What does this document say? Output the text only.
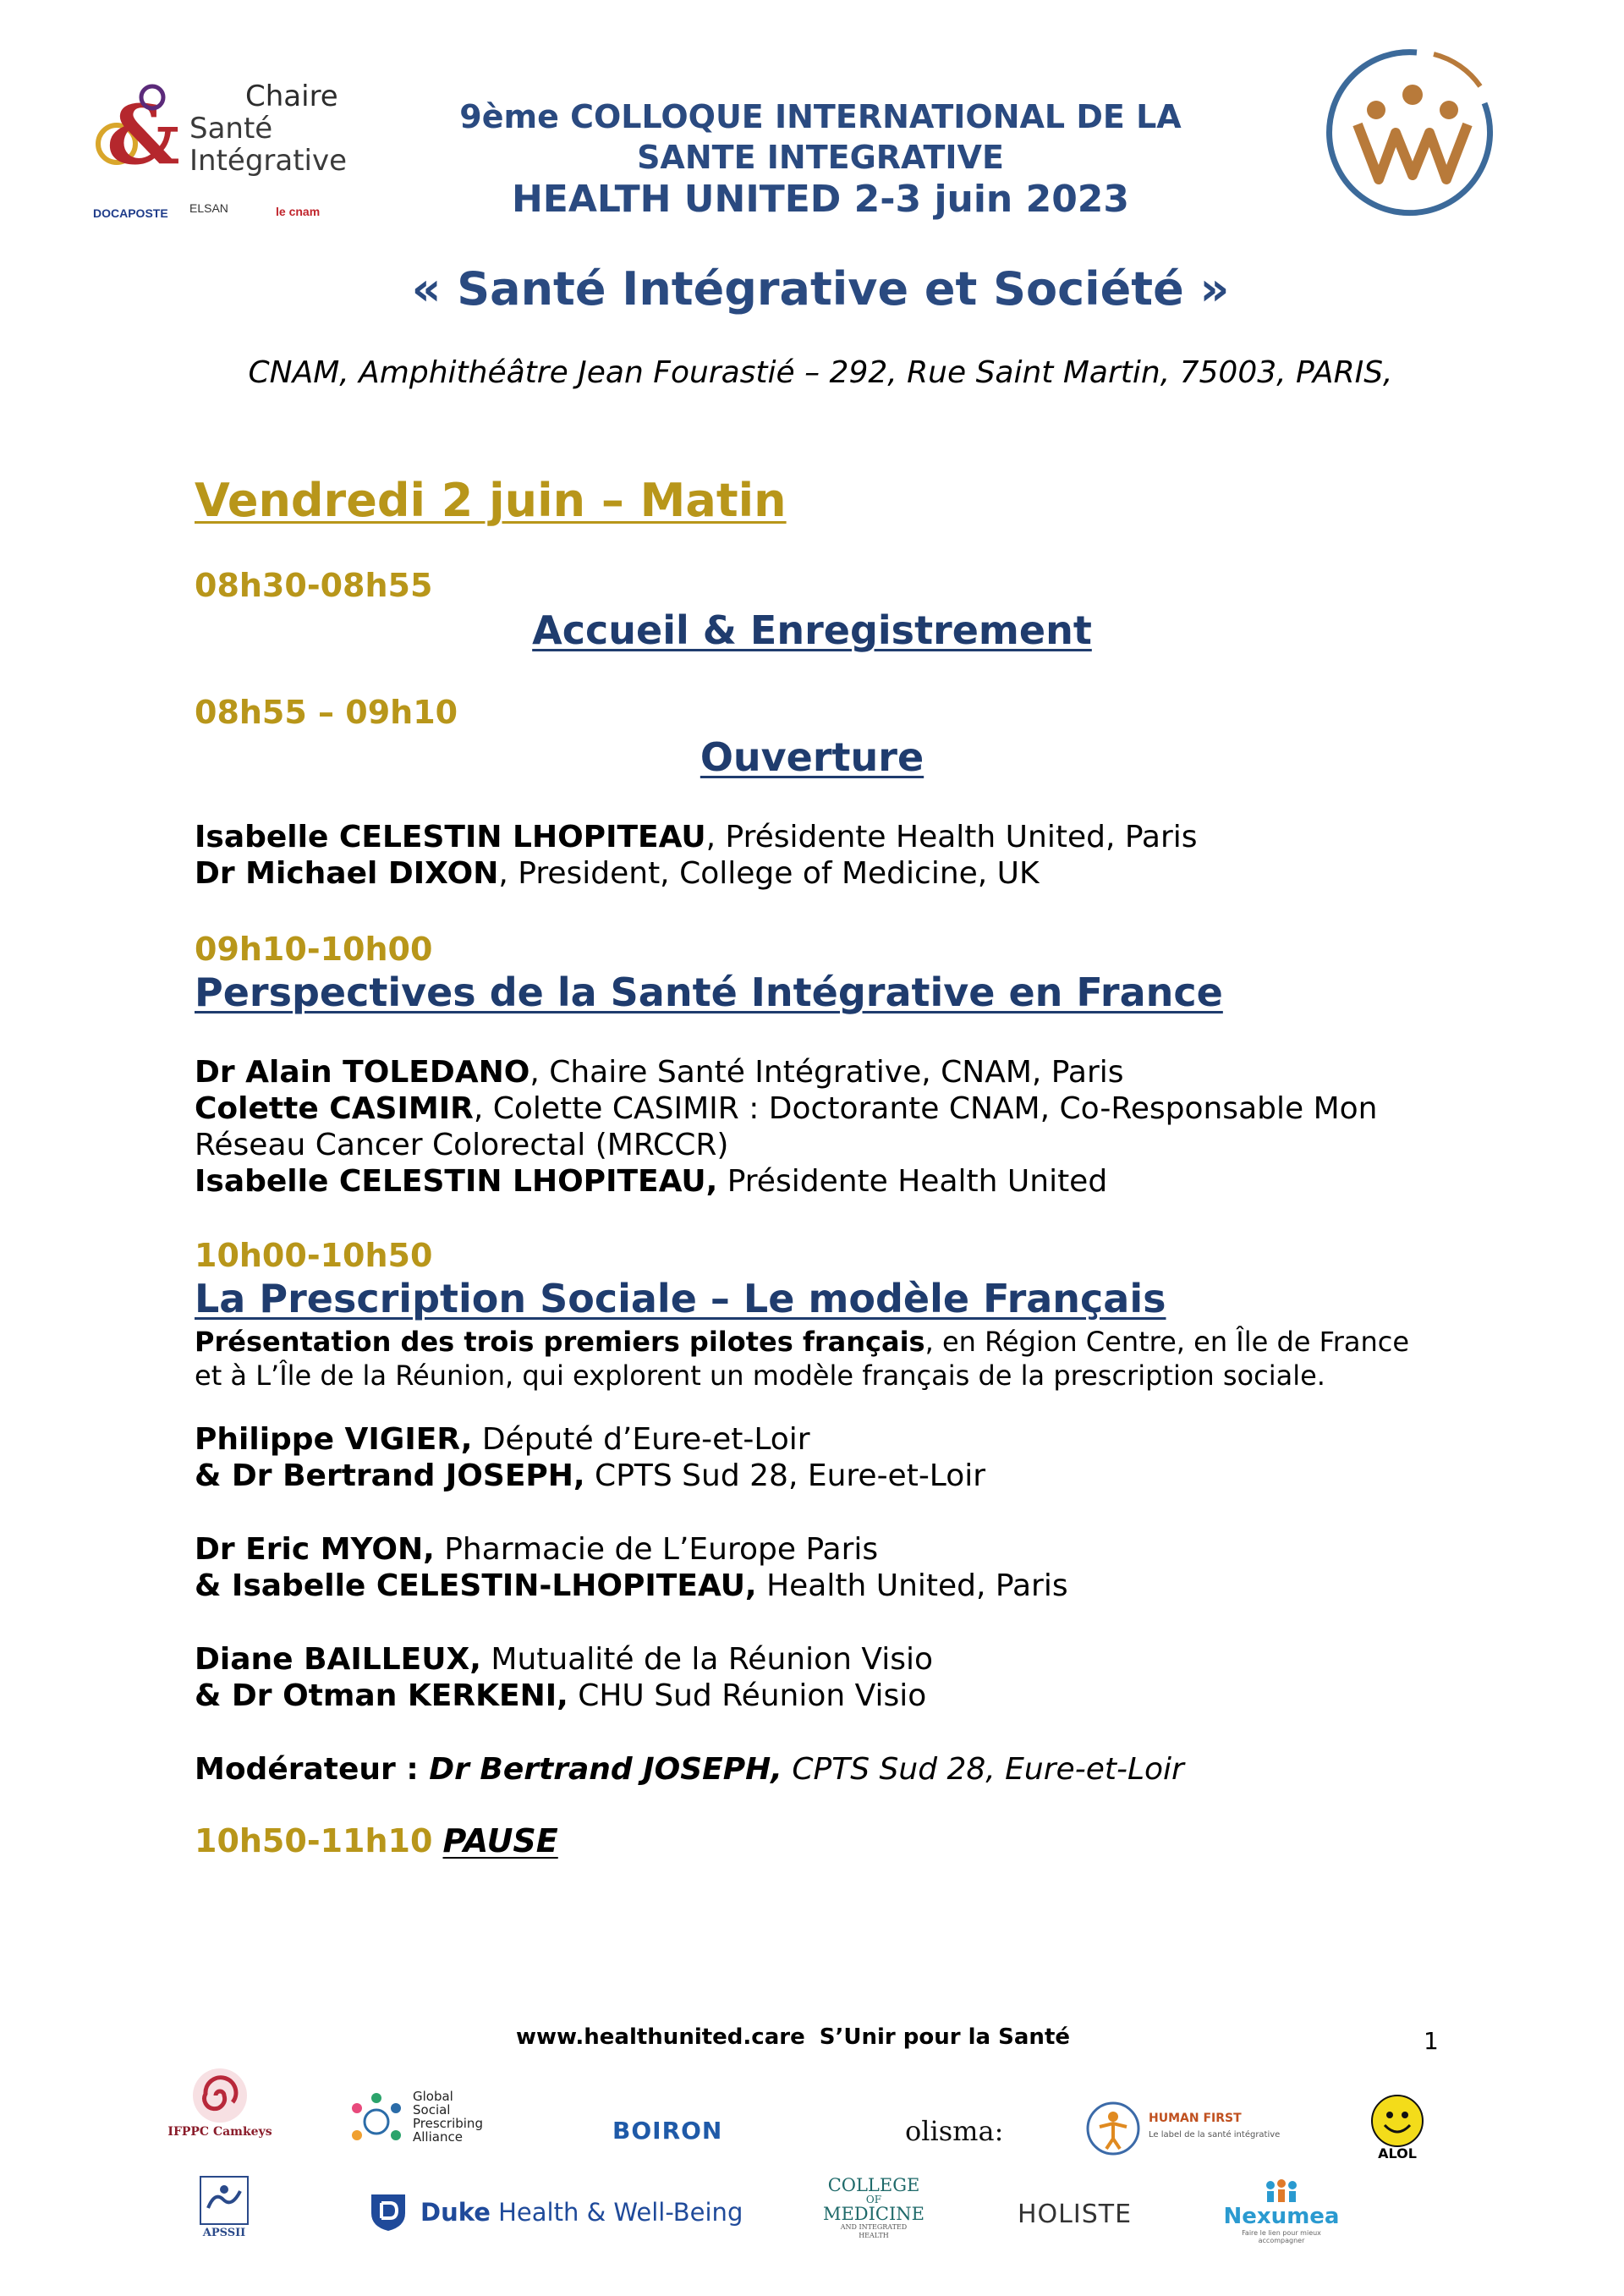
&	Chaire
Santé
Intégrative
DOCAPOSTE ELSAN	le cnam
9ème COLLOQUE INTERNATIONAL DE LA
SANTE INTEGRATIVE
HEALTH UNITED 2-3 juin 2023
« Santé Intégrative et Société »
CNAM, Amphithéâtre Jean Fourastié – 292, Rue Saint Martin, 75003, PARIS,
Vendredi 2 juin – Matin
08h30-08h55
Accueil & Enregistrement
08h55 – 09h10
Ouverture
Isabelle CELESTIN LHOPITEAU, Présidente Health United, Paris
Dr Michael DIXON, President, College of Medicine, UK
09h10-10h00
Perspectives de la Santé Intégrative en France
Dr Alain TOLEDANO, Chaire Santé Intégrative, CNAM, Paris
Colette CASIMIR, Colette CASIMIR : Doctorante CNAM, Co-Responsable Mon
Réseau Cancer Colorectal (MRCCR)
Isabelle CELESTIN LHOPITEAU, Présidente Health United
10h00-10h50
La Prescription Sociale – Le modèle Français
Présentation des trois premiers pilotes français, en Région Centre, en Île de France
et à L’Île de la Réunion, qui explorent un modèle français de la prescription sociale.
Philippe VIGIER, Député d’Eure-et-Loir
& Dr Bertrand JOSEPH, CPTS Sud 28, Eure-et-Loir
Dr Eric MYON, Pharmacie de L’Europe Paris
& Isabelle CELESTIN-LHOPITEAU, Health United, Paris
Diane BAILLEUX, Mutualité de la Réunion Visio
& Dr Otman KERKENI, CHU Sud Réunion Visio
Modérateur : Dr Bertrand JOSEPH, CPTS Sud 28, Eure-et-Loir
10h50-11h10 PAUSE
www.healthunited.care S’Unir pour la Santé	1
IFPPC Camkeys
Global
Social
Prescribing
Alliance	BOIRON	olisma:	HUMAN FIRST
Le label de la santé intégrative
ALOL
APSSII
Duke Health & Well-Being
COLLEGE
OF
MEDICINE
AND INTEGRATED
HEALTH
HOLISTE	Nexumea
Faire le lien pour mieux accompagner
